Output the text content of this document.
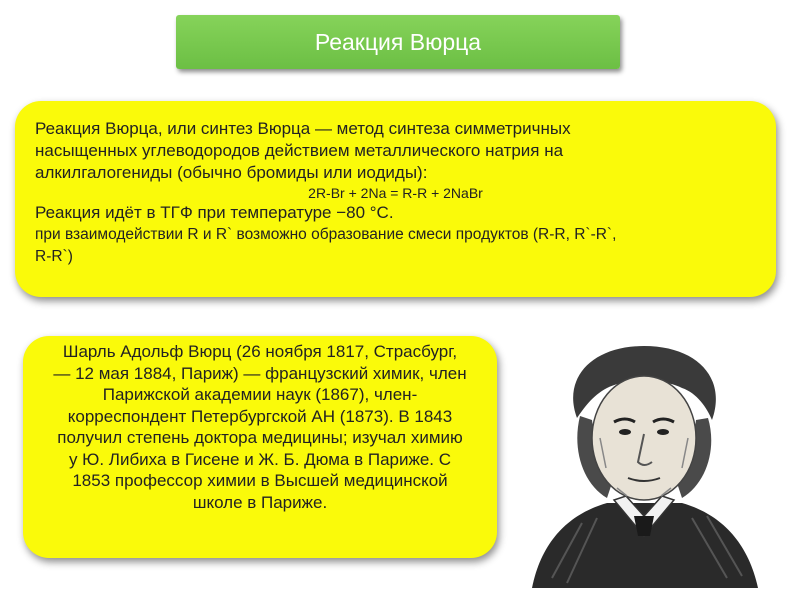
Реакция Вюрца
Реакция Вюрца, или синтез Вюрца — метод синтеза симметричных
насыщенных углеводородов действием металлического натрия на
алкилгалогениды (обычно бромиды или иодиды):
2R-Br + 2Na = R-R + 2NaBr
Реакция идёт в ТГФ при температуре −80 °C.
при взаимодействии R и R` возможно образование смеси продуктов (R-R, R`-R`,
R-R`)
Шарль Адольф Вюрц (26 ноября 1817, Страсбург, — 12 мая 1884, Париж) — французский химик, член Парижской академии наук (1867), член-корреспондент Петербургской АН (1873). В 1843 получил степень доктора медицины; изучал химию у Ю. Либиха в Гисене и Ж. Б. Дюма в Париже. С 1853 профессор химии в Высшей медицинской школе в Париже.
